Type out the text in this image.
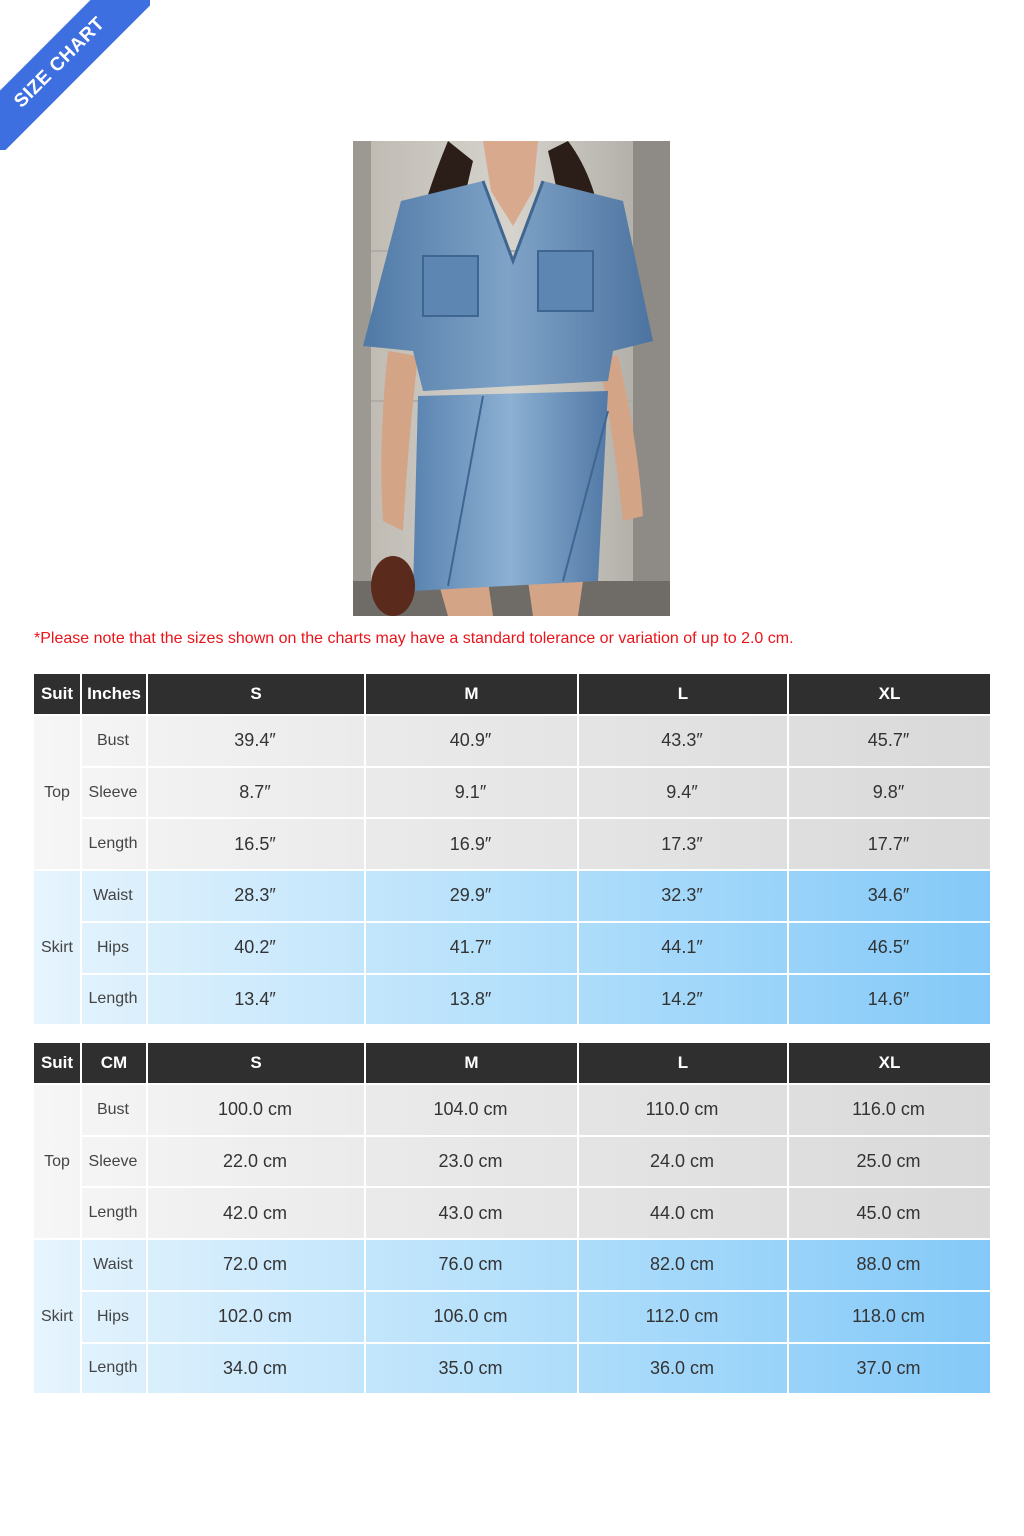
SIZE CHART
*Please note that the sizes shown on the charts may have a standard tolerance or variation of up to 2.0 cm.
Suit Inches	S	M	L	XL
Top
Bust	39.4″	40.9″	43.3″	45.7″
Sleeve	8.7″	9.1″	9.4″	9.8″
Length	16.5″	16.9″	17.3″	17.7″
Skirt
Waist	28.3″	29.9″	32.3″	34.6″
Hips	40.2″	41.7″	44.1″	46.5″
Length	13.4″	13.8″	14.2″	14.6″
Suit	CM	S	M	L	XL
Top
Bust	100.0 cm	104.0 cm	110.0 cm	116.0 cm
Sleeve	22.0 cm	23.0 cm	24.0 cm	25.0 cm
Length	42.0 cm	43.0 cm	44.0 cm	45.0 cm
Skirt
Waist	72.0 cm	76.0 cm	82.0 cm	88.0 cm
Hips	102.0 cm	106.0 cm	112.0 cm	118.0 cm
Length	34.0 cm	35.0 cm	36.0 cm	37.0 cm
